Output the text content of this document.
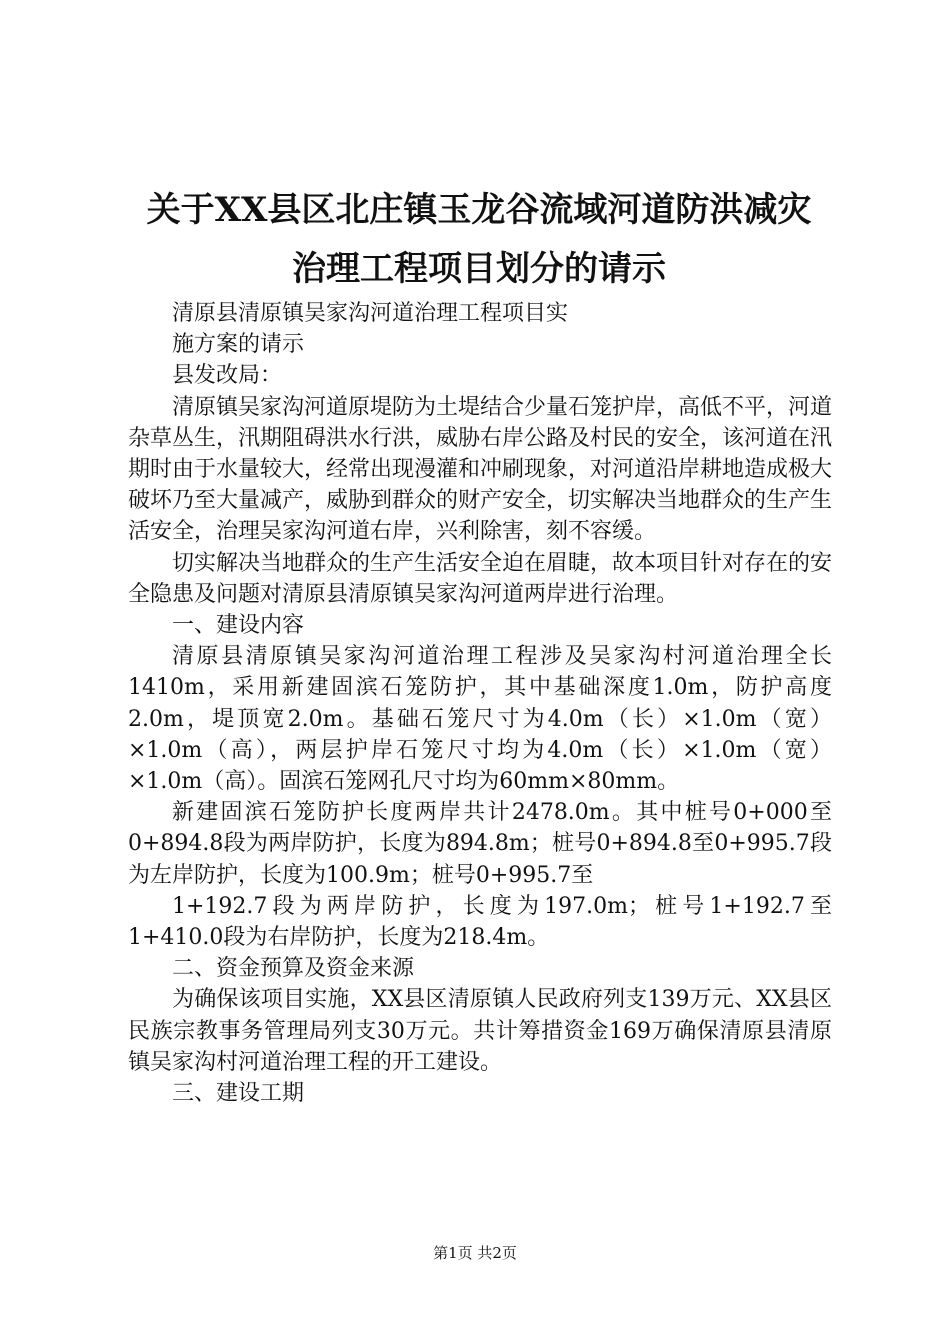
关于XX县区北庄镇玉龙谷流域河道防洪减灾
治理工程项目划分的请示

清原县清原镇吴家沟河道治理工程项目实

施方案的请示

县发改局：

清原镇吴家沟河道原堤防为土堤结合少量石笼护岸，高低不平，河道杂草丛生，汛期阻碍洪水行洪，威胁右岸公路及村民的安全，该河道在汛期时由于水量较大，经常出现漫灌和冲刷现象，对河道沿岸耕地造成极大破坏乃至大量减产，威胁到群众的财产安全，切实解决当地群众的生产生活安全，治理吴家沟河道右岸，兴利除害，刻不容缓。

切实解决当地群众的生产生活安全迫在眉睫，故本项目针对存在的安全隐患及问题对清原县清原镇吴家沟河道两岸进行治理。

一、建设内容

清原县清原镇吴家沟河道治理工程涉及吴家沟村河道治理全长1410m，采用新建固滨石笼防护，其中基础深度1.0m，防护高度2.0m，堤顶宽2.0m。基础石笼尺寸为4.0m（长）×1.0m（宽）×1.0m（高），两层护岸石笼尺寸均为4.0m（长）×1.0m（宽）×1.0m（高）。固滨石笼网孔尺寸均为60mm×80mm。

新建固滨石笼防护长度两岸共计2478.0m。其中桩号0+000至0+894.8段为两岸防护，长度为894.8m；桩号0+894.8至0+995.7段为左岸防护，长度为100.9m；桩号0+995.7至

1+192.7段为两岸防护，长度为197.0m；桩号1+192.7至1+410.0段为右岸防护，长度为218.4m。

二、资金预算及资金来源

为确保该项目实施，XX县区清原镇人民政府列支139万元、XX县区民族宗教事务管理局列支30万元。共计筹措资金169万确保清原县清原镇吴家沟村河道治理工程的开工建设。

三、建设工期

第1页 共2页
